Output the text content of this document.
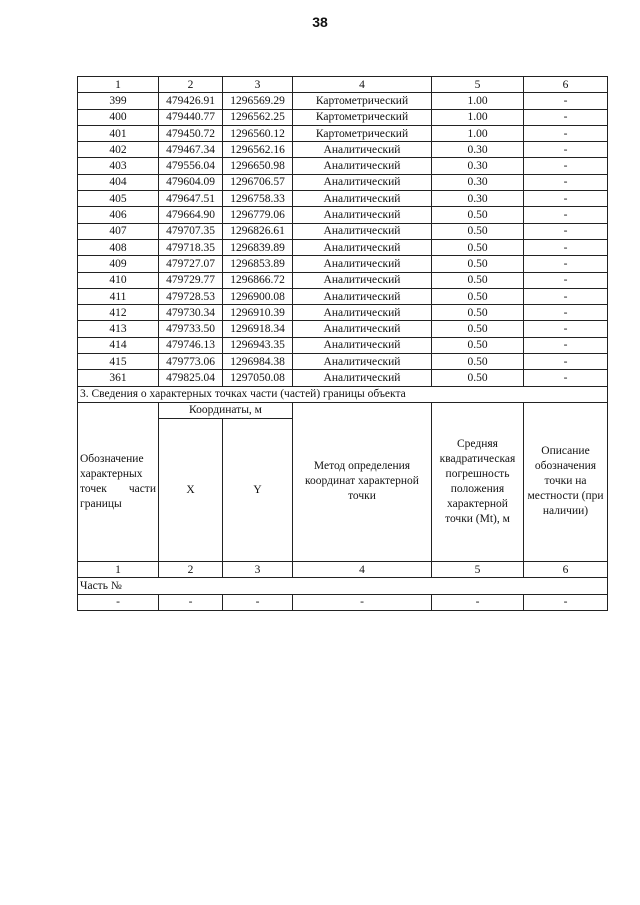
38
1	2	3	4	5	6
399	479426.91	1296569.29	Картометрический	1.00	-
400	479440.77	1296562.25	Картометрический	1.00	-
401	479450.72	1296560.12	Картометрический	1.00	-
402	479467.34	1296562.16	Аналитический	0.30	-
403	479556.04	1296650.98	Аналитический	0.30	-
404	479604.09	1296706.57	Аналитический	0.30	-
405	479647.51	1296758.33	Аналитический	0.30	-
406	479664.90	1296779.06	Аналитический	0.50	-
407	479707.35	1296826.61	Аналитический	0.50	-
408	479718.35	1296839.89	Аналитический	0.50	-
409	479727.07	1296853.89	Аналитический	0.50	-
410	479729.77	1296866.72	Аналитический	0.50	-
411	479728.53	1296900.08	Аналитический	0.50	-
412	479730.34	1296910.39	Аналитический	0.50	-
413	479733.50	1296918.34	Аналитический	0.50	-
414	479746.13	1296943.35	Аналитический	0.50	-
415	479773.06	1296984.38	Аналитический	0.50	-
361	479825.04	1297050.08	Аналитический	0.50	-
3. Сведения о характерных точках части (частей) границы объекта					
Обозначение характерных точек части границы	Координаты, м		Метод определения координат характерной точки	Средняя квадратическая погрешность положения характерной точки (Mt), м	Описание обозначения точки на местности (при наличии)
	X	Y			
1	2	3	4	5	6
Часть №					
-	-	-	-	-	-
